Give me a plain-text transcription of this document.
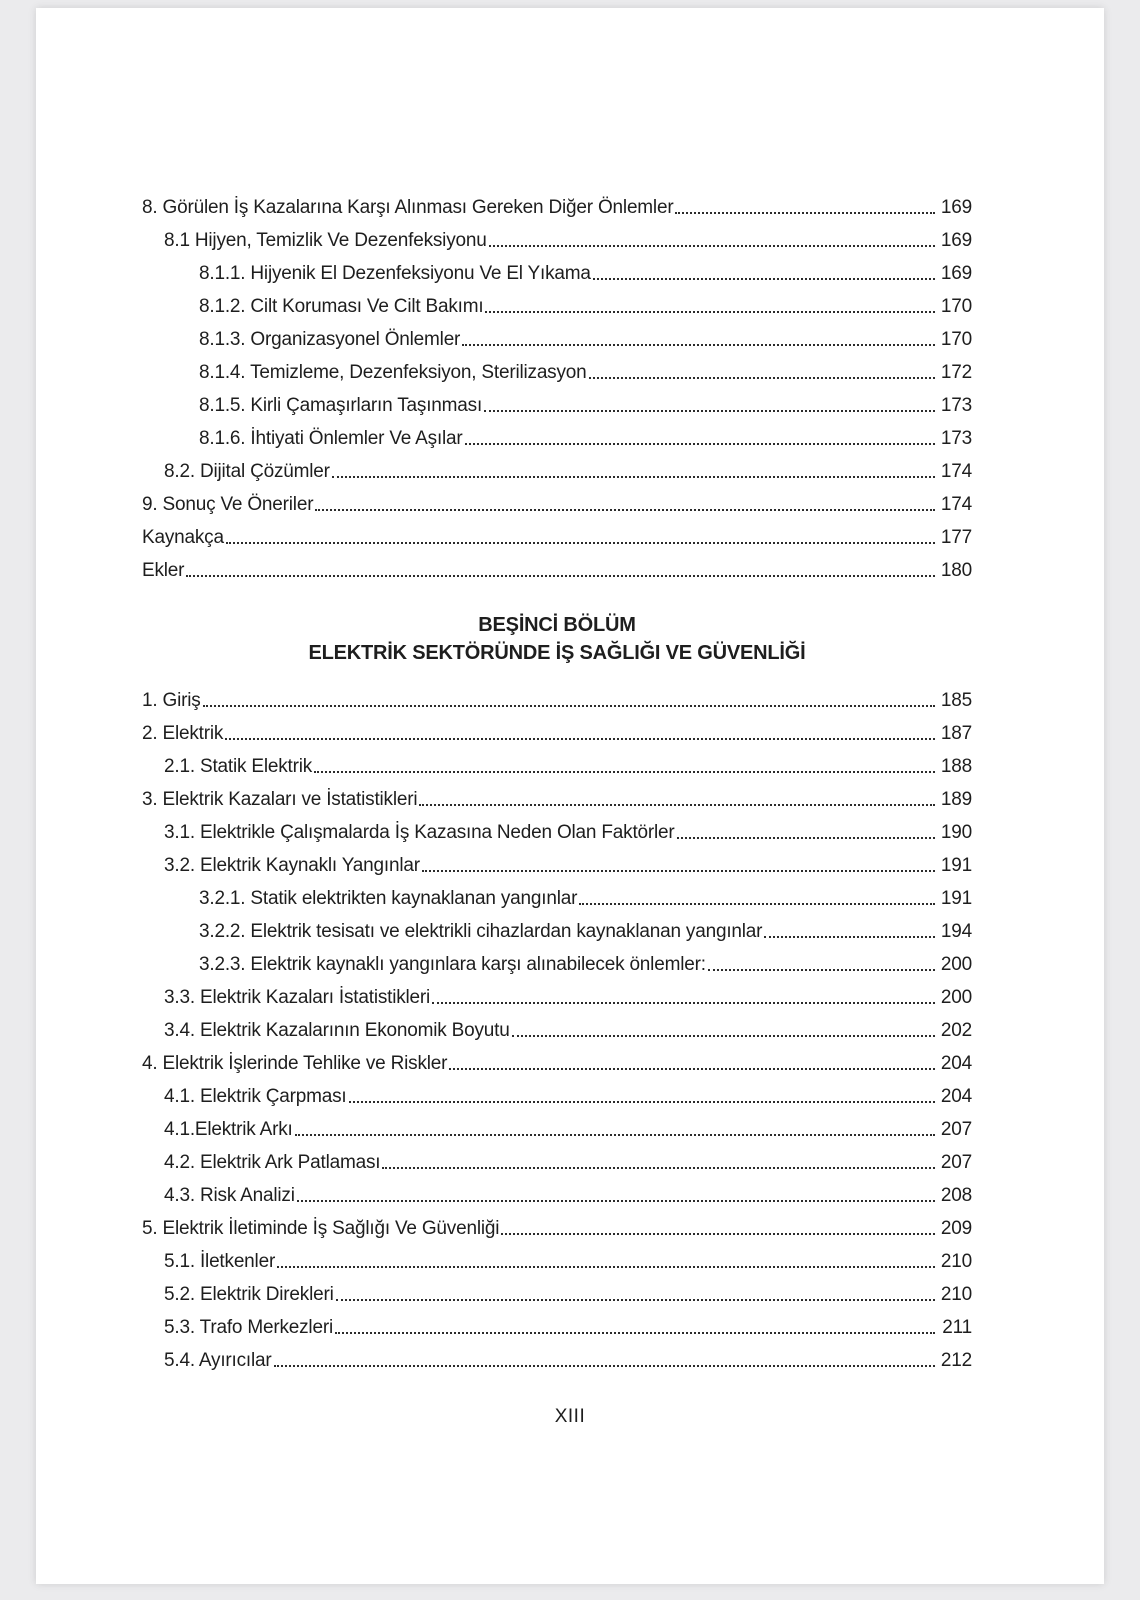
8. Görülen İş Kazalarına Karşı Alınması Gereken Diğer Önlemler	169
8.1 Hijyen, Temizlik Ve Dezenfeksiyonu	169
8.1.1. Hijyenik El Dezenfeksiyonu Ve El Yıkama	169
8.1.2. Cilt Koruması Ve Cilt Bakımı	170
8.1.3. Organizasyonel Önlemler	170
8.1.4. Temizleme, Dezenfeksiyon, Sterilizasyon	172
8.1.5. Kirli Çamaşırların Taşınması	173
8.1.6. İhtiyati Önlemler Ve Aşılar	173
8.2. Dijital Çözümler	174
9. Sonuç Ve Öneriler	174
Kaynakça	177
Ekler	180
BEŞİNCİ BÖLÜM
ELEKTRİK SEKTÖRÜNDE İŞ SAĞLIĞI VE GÜVENLİĞİ
1. Giriş	185
2. Elektrik	187
2.1. Statik Elektrik	188
3. Elektrik Kazaları ve İstatistikleri	189
3.1. Elektrikle Çalışmalarda İş Kazasına Neden Olan Faktörler	190
3.2. Elektrik Kaynaklı Yangınlar	191
3.2.1. Statik elektrikten kaynaklanan yangınlar	191
3.2.2. Elektrik tesisatı ve elektrikli cihazlardan kaynaklanan yangınlar	194
3.2.3. Elektrik kaynaklı yangınlara karşı alınabilecek önlemler:	200
3.3. Elektrik Kazaları İstatistikleri	200
3.4. Elektrik Kazalarının Ekonomik Boyutu	202
4. Elektrik İşlerinde Tehlike ve Riskler	204
4.1. Elektrik Çarpması	204
4.1.Elektrik Arkı	207
4.2. Elektrik Ark Patlaması	207
4.3. Risk Analizi	208
5. Elektrik İletiminde İş Sağlığı Ve Güvenliği	209
5.1. İletkenler	210
5.2. Elektrik Direkleri	210
5.3. Trafo Merkezleri	211
5.4. Ayırıcılar	212
XIII
